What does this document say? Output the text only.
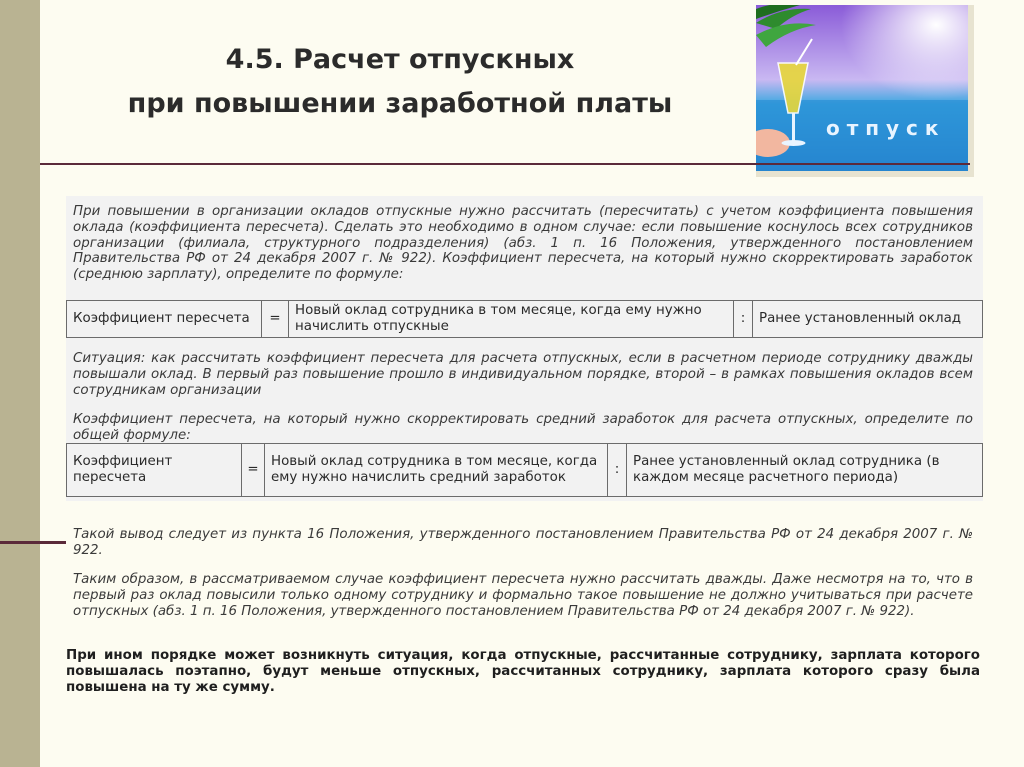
4.5. Расчет отпускных
при повышении заработной платы
о т п у с к

При повышении в организации окладов отпускные нужно рассчитать (пересчитать) с учетом коэффициента повышения оклада (коэффициента пересчета). Сделать это необходимо в одном случае: если повышение коснулось всех сотрудников организации (филиала, структурного подразделения) (абз. 1 п. 16 Положения, утвержденного постановлением Правительства РФ от 24 декабря 2007 г. № 922). Коэффициент пересчета, на который нужно скорректировать заработок (среднюю зарплату), определите по формуле:

Коэффициент пересчета	=	Новый оклад сотрудника в том месяце, когда ему нужно начислить отпускные	:	Ранее установленный оклад

Ситуация: как рассчитать коэффициент пересчета для расчета отпускных, если в расчетном периоде сотруднику дважды повышали оклад. В первый раз повышение прошло в индивидуальном порядке, второй – в рамках повышения окладов всем сотрудникам организации

Коэффициент пересчета, на который нужно скорректировать средний заработок для расчета отпускных, определите по общей формуле:

Коэффициент пересчета	=	Новый оклад сотрудника в том месяце, когда ему нужно начислить средний заработок	:	Ранее установленный оклад сотрудника (в каждом месяце расчетного периода)

Такой вывод следует из пункта 16 Положения, утвержденного постановлением Правительства РФ от 24 декабря 2007 г. № 922.

Таким образом, в рассматриваемом случае коэффициент пересчета нужно рассчитать дважды. Даже несмотря на то, что в первый раз оклад повысили только одному сотруднику и формально такое повышение не должно учитываться при расчете отпускных (абз. 1 п. 16 Положения, утвержденного постановлением Правительства РФ от 24 декабря 2007 г. № 922).

При ином порядке может возникнуть ситуация, когда отпускные, рассчитанные сотруднику, зарплата которого повышалась поэтапно, будут меньше отпускных, рассчитанных сотруднику, зарплата которого сразу была повышена на ту же сумму.
